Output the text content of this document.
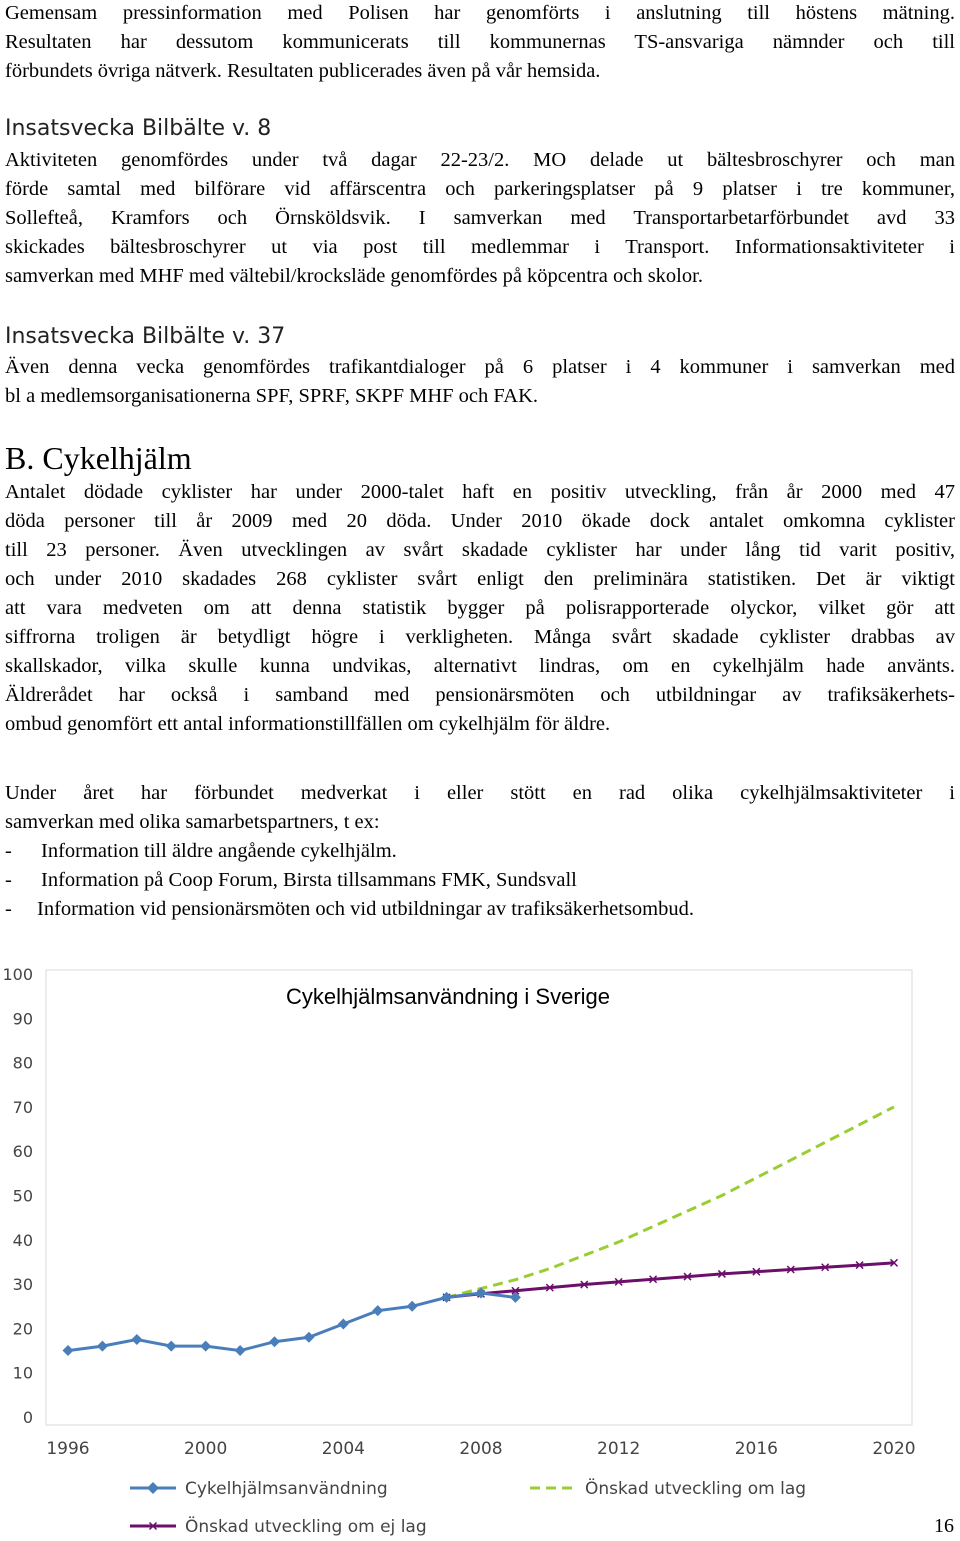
Gemensam pressinformation med Polisen har genomförts i anslutning till höstens mätning.

Resultaten har dessutom kommunicerats till kommunernas TS-ansvariga nämnder och till

förbundets övriga nätverk. Resultaten publicerades även på vår hemsida.

Insatsvecka Bilbälte v. 8

Aktiviteten genomfördes under två dagar 22-23/2. MO delade ut bältesbroschyrer och man

förde samtal med bilförare vid affärscentra och parkeringsplatser på 9 platser i tre kommuner,

Sollefteå, Kramfors och Örnsköldsvik. I samverkan med Transportarbetarförbundet avd 33

skickades bältesbroschyrer ut via post till medlemmar i Transport. Informationsaktiviteter i

samverkan med MHF med vältebil/krocksläde genomfördes på köpcentra och skolor.

Insatsvecka Bilbälte v. 37

Även denna vecka genomfördes trafikantdialoger på 6 platser i 4 kommuner i samverkan med

bl a medlemsorganisationerna SPF, SPRF, SKPF MHF och FAK.

B. Cykelhjälm

Antalet dödade cyklister har under 2000-talet haft en positiv utveckling, från år 2000 med 47

döda personer till år 2009 med 20 döda. Under 2010 ökade dock antalet omkomna cyklister

till 23 personer. Även utvecklingen av svårt skadade cyklister har under lång tid varit positiv,

och under 2010 skadades 268 cyklister svårt enligt den preliminära statistiken. Det är viktigt

att vara medveten om att denna statistik bygger på polisrapporterade olyckor, vilket gör att

siffrorna troligen är betydligt högre i verkligheten. Många svårt skadade cyklister drabbas av

skallskador, vilka skulle kunna undvikas, alternativt lindras, om en cykelhjälm hade använts.

Äldrerådet har också i samband med pensionärsmöten och utbildningar av trafiksäkerhets-

ombud genomfört ett antal informationstillfällen om cykelhjälm för äldre.

Under året har förbundet medverkat i eller stött en rad olika cykelhjälmsaktiviteter i

samverkan med olika samarbetspartners, t ex:

- Information till äldre angående cykelhjälm.
- Information på Coop Forum, Birsta tillsammans FMK, Sundsvall
- Information vid pensionärsmöten och vid utbildningar av trafiksäkerhetsombud.
0
10
20
30
40
50
60
70
80
90
100
1996	2000	2004	2008	2012	2016	2020
Cykelhjälmsanvändning i Sverige
Cykelhjälmsanvändning	Önskad utveckling om lag
Önskad utveckling om ej lag	16
